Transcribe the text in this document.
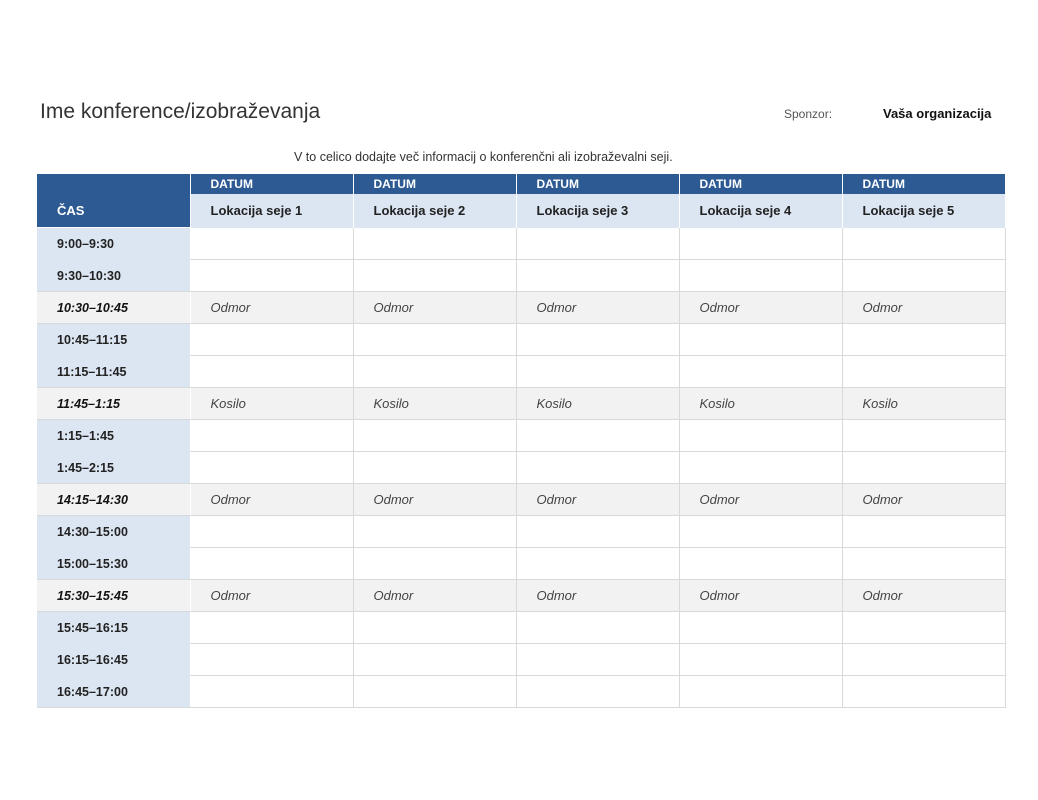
Ime konference/izobraževanja	Sponzor:	Vaša organizacija
V to celico dodajte več informacij o konferenčni ali izobraževalni seji.
	DATUM	DATUM	DATUM	DATUM	DATUM
ČAS	Lokacija seje 1	Lokacija seje 2	Lokacija seje 3	Lokacija seje 4	Lokacija seje 5
9:00–9:30					
9:30–10:30					
10:30–10:45	Odmor	Odmor	Odmor	Odmor	Odmor
10:45–11:15					
11:15–11:45					
11:45–1:15	Kosilo	Kosilo	Kosilo	Kosilo	Kosilo
1:15–1:45					
1:45–2:15					
14:15–14:30	Odmor	Odmor	Odmor	Odmor	Odmor
14:30–15:00					
15:00–15:30					
15:30–15:45	Odmor	Odmor	Odmor	Odmor	Odmor
15:45–16:15					
16:15–16:45					
16:45–17:00					
